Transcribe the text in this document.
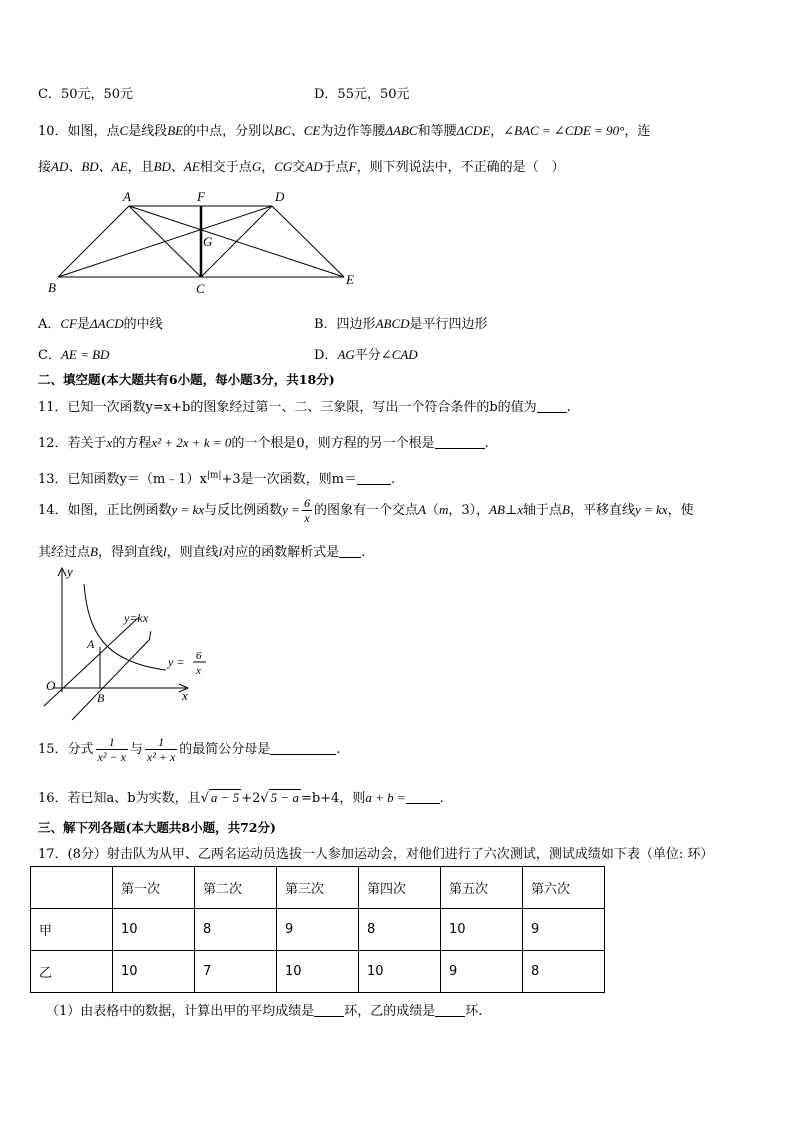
C．50元，50元	D．55元，50元
10．如图，点C是线段BE的中点，分别以BC、CE为边作等腰ΔABC和等腰ΔCDE，∠BAC = ∠CDE = 90°，连
接AD、BD、AE，且BD、AE相交于点G，CG交AD于点F，则下列说法中，不正确的是（　）
A	F	D
G
B	C
E
A．CF是ΔACD的中线	B．四边形ABCD是平行四边形
C．AE = BD	D．AG平分∠CAD
二、填空题(本大题共有6小题，每小题3分，共18分)
11．已知一次函数y=x+b的图象经过第一、二、三象限，写出一个符合条件的b的值为 .
12．若关于x的方程x² + 2x + k = 0的一个根是0，则方程的另一个根是	.
13．已知函数$y=(m﹣1)x^{|m|}+3$是一次函数，则m＝	.
14．如图，正比例函数y = kx与反比例函数$y = \frac{6}{x}$ 的图象有一个交点A（m，3），AB⊥x轴于点B，平移直线y = kx，使
其经过点B，得到直线l，则直线l对应的函数解析式是 .
y
y=kx
l
A
y = 6
x
O
B	x
15．分式 $\frac{1}{\text{x² − x}}$ 与 $\frac{1}{\text{x² + x}}$ 的最简公分母是	.
16．若已知a、b为实数，且√ a − 5 +2√ 5 − a =b+4，则a + b =	.
三、解下列各题(本大题共8小题，共72分)
17．(8分）射击队为从甲、乙两名运动员选拔一人参加运动会，对他们进行了六次测试，测试成绩如下表（单位: 环）
	第一次	第二次	第三次	第四次	第五次	第六次
甲	10	8	9	8	10	9
乙	10	7	10	10	9	8
（1）由表格中的数据，计算出甲的平均成绩是 环，乙的成绩是 环.
